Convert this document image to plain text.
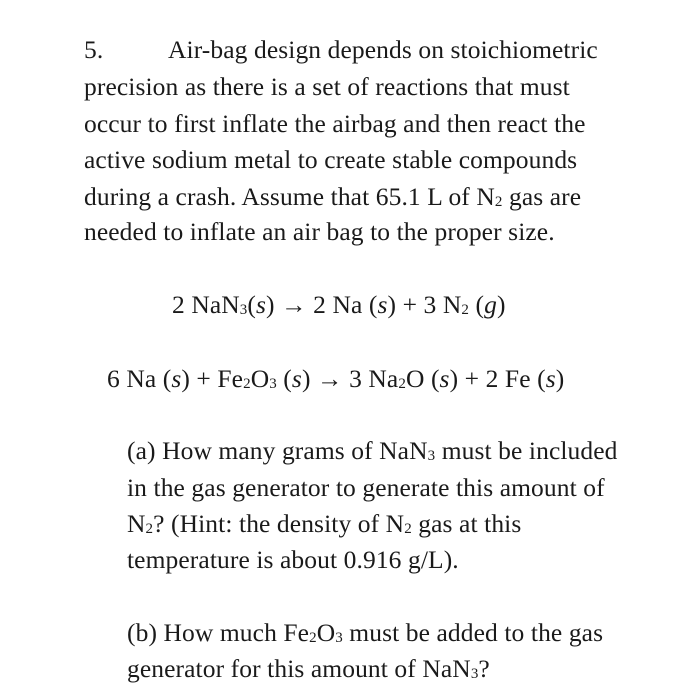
5.	Air-bag design depends on stoichiometric
precision as there is a set of reactions that must
occur to first inflate the airbag and then react the
active sodium metal to create stable compounds
during a crash. Assume that 65.1 L of N2 gas are
needed to inflate an air bag to the proper size.
2 NaN3(s) → 2 Na (s) + 3 N2 (g)
6 Na (s) + Fe2O3 (s) → 3 Na2O (s) + 2 Fe (s)
(a) How many grams of NaN3 must be included
in the gas generator to generate this amount of
N2? (Hint: the density of N2 gas at this
temperature is about 0.916 g/L).
(b) How much Fe2O3 must be added to the gas
generator for this amount of NaN3?
